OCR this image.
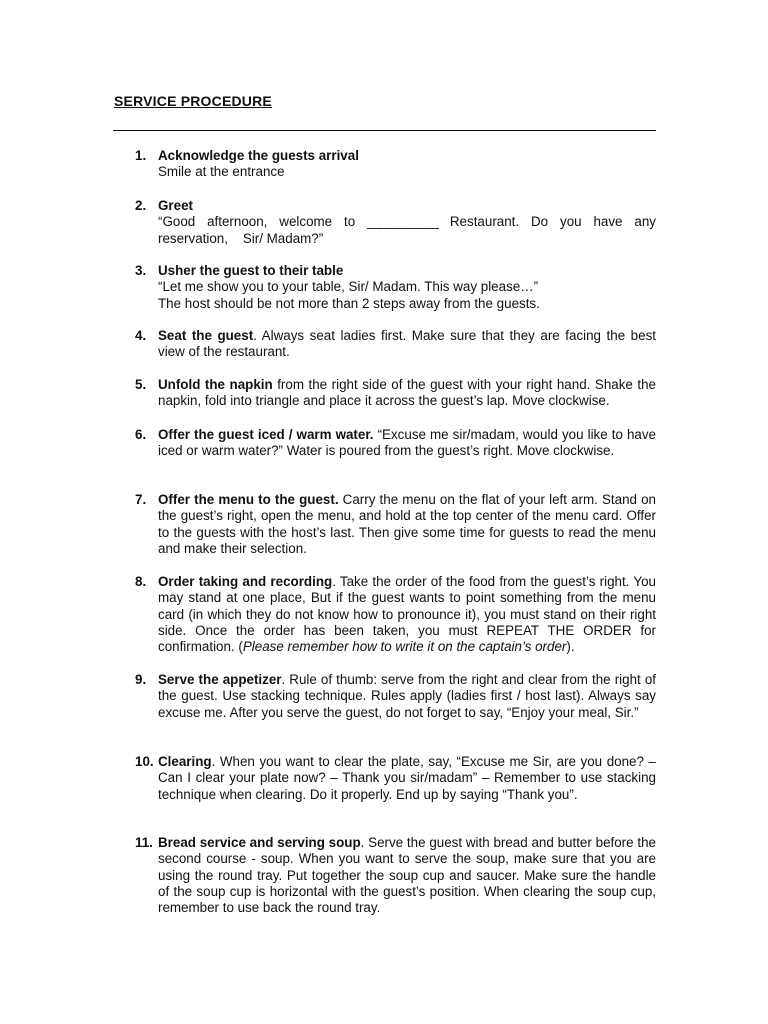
SERVICE PROCEDURE
1. Acknowledge the guests arrival
Smile at the entrance
2. Greet
“Good afternoon, welcome to ___________ Restaurant. Do you have any reservation,    Sir/ Madam?”
3. Usher the guest to their table
“Let me show you to your table, Sir/ Madam. This way please…”
The host should be not more than 2 steps away from the guests.
4. Seat the guest. Always seat ladies first. Make sure that they are facing the best view of the restaurant.
5. Unfold the napkin from the right side of the guest with your right hand. Shake the napkin, fold into triangle and place it across the guest’s lap. Move clockwise.
6. Offer the guest iced / warm water. “Excuse me sir/madam, would you like to have iced or warm water?” Water is poured from the guest’s right. Move clockwise.
7. Offer the menu to the guest. Carry the menu on the flat of your left arm. Stand on the guest’s right, open the menu, and hold at the top center of the menu card. Offer to the guests with the host’s last. Then give some time for guests to read the menu and make their selection.
8. Order taking and recording. Take the order of the food from the guest’s right. You may stand at one place, But if the guest wants to point something from the menu card (in which they do not know how to pronounce it), you must stand on their right side. Once the order has been taken, you must REPEAT THE ORDER for confirmation. (Please remember how to write it on the captain’s order).
9. Serve the appetizer. Rule of thumb: serve from the right and clear from the right of the guest. Use stacking technique. Rules apply (ladies first / host last). Always say excuse me. After you serve the guest, do not forget to say, “Enjoy your meal, Sir.”
10. Clearing. When you want to clear the plate, say, “Excuse me Sir, are you done? – Can I clear your plate now? – Thank you sir/madam” – Remember to use stacking technique when clearing. Do it properly. End up by saying “Thank you”.
11. Bread service and serving soup. Serve the guest with bread and butter before the second course - soup. When you want to serve the soup, make sure that you are using the round tray. Put together the soup cup and saucer. Make sure the handle of the soup cup is horizontal with the guest’s position. When clearing the soup cup, remember to use back the round tray.
